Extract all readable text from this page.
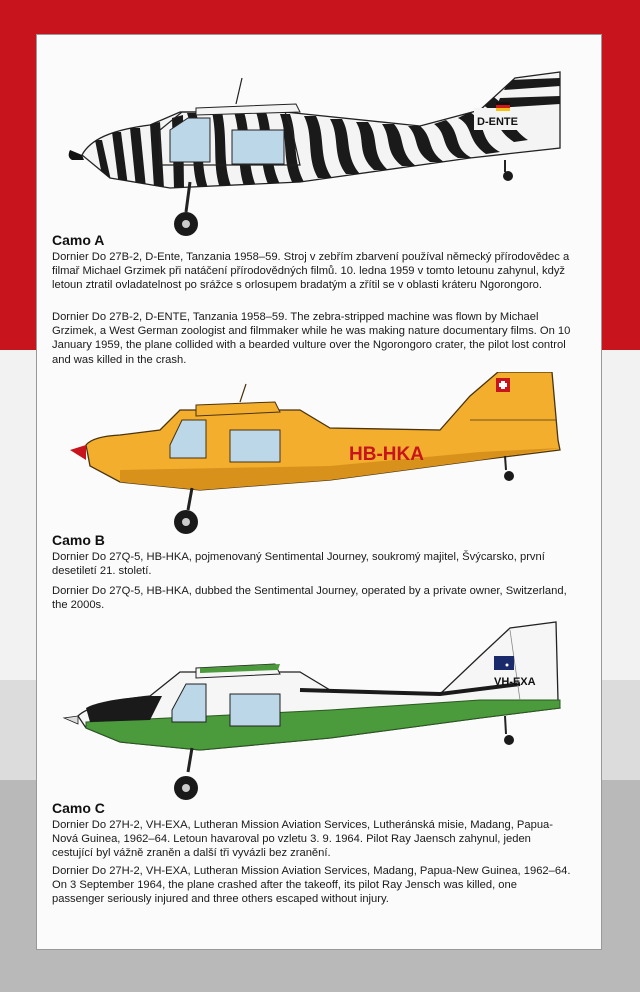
D-ENTE
Camo A

Dornier Do 27B-2, D-Ente, Tanzania 1958–59. Stroj v zebřím zbarvení používal německý přírodovědec a filmař Michael Grzimek při natáčení přírodovědných filmů. 10. ledna 1959 v tomto letounu zahynul, když letoun ztratil ovladatelnost po srážce s orlosupem bradatým a zřítil se v oblasti kráteru Ngorongoro.

Dornier Do 27B-2, D-ENTE, Tanzania 1958–59. The zebra-stripped machine was flown by Michael Grzimek, a West German zoologist and filmmaker while he was making nature documentary films. On 10 January 1959, the plane collided with a bearded vulture over the Ngorongoro crater, the pilot lost control and was killed in the crash.

HB-HKA
Camo B

Dornier Do 27Q-5, HB-HKA, pojmenovaný Sentimental Journey, soukromý majitel, Švýcarsko, první desetiletí 21. století.

Dornier Do 27Q-5, HB-HKA, dubbed the Sentimental Journey, operated by a private owner, Switzerland, the 2000s.

VH-EXA
Camo C

Dornier Do 27H-2, VH-EXA, Lutheran Mission Aviation Services, Lutheránská misie, Madang, Papua-Nová Guinea, 1962–64. Letoun havaroval po vzletu 3. 9. 1964. Pilot Ray Jaensch zahynul, jeden cestující byl vážně zraněn a další tři vyvázli bez zranění.

Dornier Do 27H-2, VH-EXA, Lutheran Mission Aviation Services, Madang, Papua-New Guinea, 1962–64. On 3 September 1964, the plane crashed after the takeoff, its pilot Ray Jensch was killed, one passenger seriously injured and three others escaped without injury.
